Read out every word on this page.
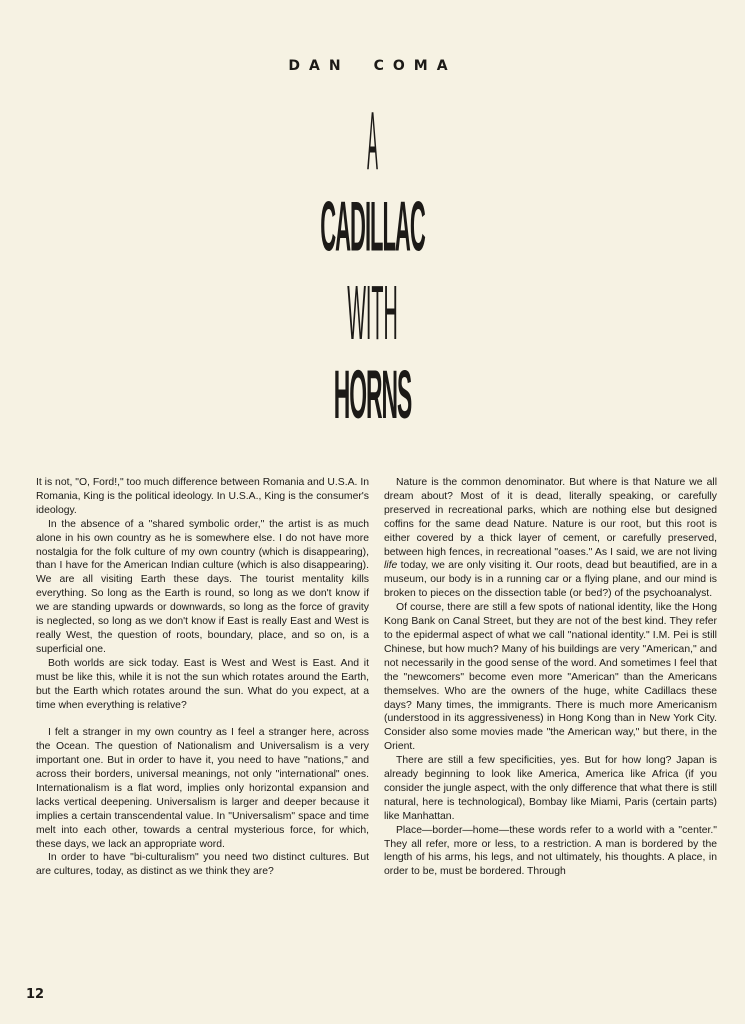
DAN COMA
A
CADILLAC
WITH
HORNS

It is not, "O, Ford!," too much difference between Romania and U.S.A. In Romania, King is the political ideology. In U.S.A., King is the consumer's ideology.

In the absence of a "shared symbolic order," the artist is as much alone in his own country as he is somewhere else. I do not have more nostalgia for the folk culture of my own country (which is disappearing), than I have for the American Indian culture (which is also disappearing). We are all visiting Earth these days. The tourist mentality kills everything. So long as the Earth is round, so long as we don't know if we are standing upwards or downwards, so long as the force of gravity is neglected, so long as we don't know if East is really East and West is really West, the question of roots, boundary, place, and so on, is a superficial one.

Both worlds are sick today. East is West and West is East. And it must be like this, while it is not the sun which rotates around the Earth, but the Earth which rotates around the sun. What do you expect, at a time when everything is relative?

I felt a stranger in my own country as I feel a stranger here, across the Ocean. The question of Nationalism and Universalism is a very important one. But in order to have it, you need to have "nations," and across their borders, universal meanings, not only "international" ones. Internationalism is a flat word, implies only horizontal expansion and lacks vertical deepening. Universalism is larger and deeper because it implies a certain transcendental value. In "Universalism" space and time melt into each other, towards a central mysterious force, for which, these days, we lack an appropriate word.

In order to have "bi-culturalism" you need two distinct cultures. But are cultures, today, as distinct as we think they are?

Nature is the common denominator. But where is that Nature we all dream about? Most of it is dead, literally speaking, or carefully preserved in recreational parks, which are nothing else but designed coffins for the same dead Nature. Nature is our root, but this root is either covered by a thick layer of cement, or carefully preserved, between high fences, in recreational "oases." As I said, we are not living life today, we are only visiting it. Our roots, dead but beautified, are in a museum, our body is in a running car or a flying plane, and our mind is broken to pieces on the dissection table (or bed?) of the psychoanalyst.

Of course, there are still a few spots of national identity, like the Hong Kong Bank on Canal Street, but they are not of the best kind. They refer to the epidermal aspect of what we call "national identity." I.M. Pei is still Chinese, but how much? Many of his buildings are very "American," and not necessarily in the good sense of the word. And sometimes I feel that the "newcomers" become even more "American" than the Americans themselves. Who are the owners of the huge, white Cadillacs these days? Many times, the immigrants. There is much more Americanism (understood in its aggressiveness) in Hong Kong than in New York City. Consider also some movies made "the American way," but there, in the Orient.

There are still a few specificities, yes. But for how long? Japan is already beginning to look like America, America like Africa (if you consider the jungle aspect, with the only difference that what there is still natural, here is technological), Bombay like Miami, Paris (certain parts) like Manhattan.

Place—border—home—these words refer to a world with a "center." They all refer, more or less, to a restriction. A man is bordered by the length of his arms, his legs, and not ultimately, his thoughts. A place, in order to be, must be bordered. Through

12
